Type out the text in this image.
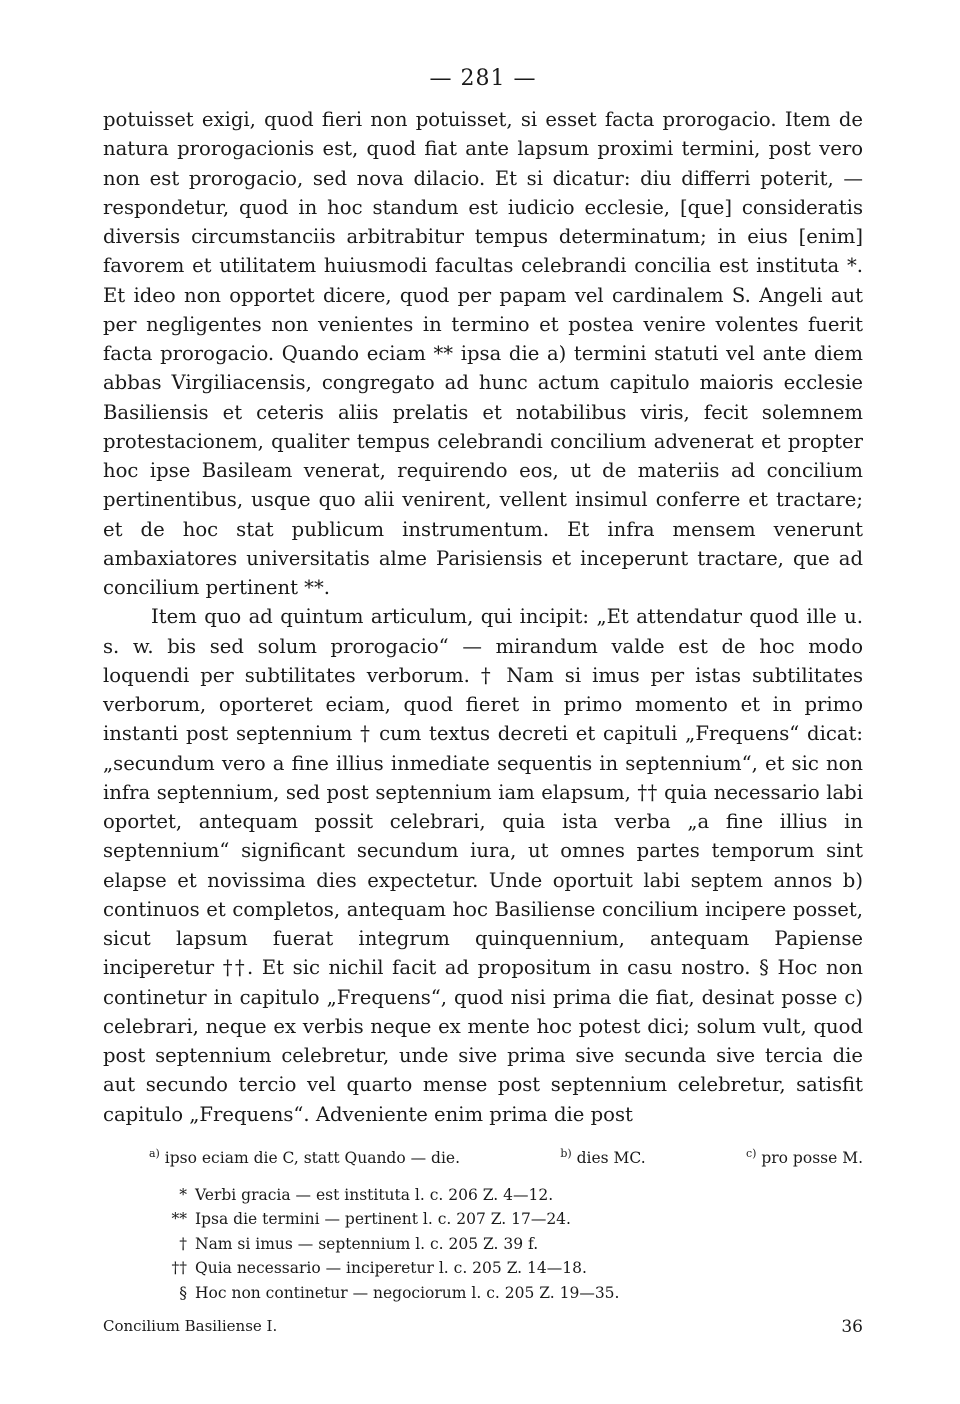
— 281 —

potuisset exigi, quod fieri non potuisset, si esset facta prorogacio. Item de natura prorogacionis est, quod fiat ante lapsum proximi termini, post vero non est prorogacio, sed nova dilacio. Et si dicatur: diu differri poterit, — respondetur, quod in hoc standum est iudicio ecclesie, [que] consideratis diversis circumstanciis arbitrabitur tempus determinatum; in eius [enim] favorem et utilitatem huiusmodi facultas celebrandi concilia est instituta *. Et ideo non opportet dicere, quod per papam vel cardinalem S. Angeli aut per negligentes non venientes in termino et postea venire volentes fuerit facta prorogacio. Quando eciam ** ipsa die a) termini statuti vel ante diem abbas Virgiliacensis, congregato ad hunc actum capitulo maioris ecclesie Basiliensis et ceteris aliis prelatis et notabilibus viris, fecit solemnem protestacionem, qualiter tempus celebrandi concilium advenerat et propter hoc ipse Basileam venerat, requirendo eos, ut de materiis ad concilium pertinentibus, usque quo alii venirent, vellent insimul conferre et tractare; et de hoc stat publicum instrumentum. Et infra mensem venerunt ambaxiatores universitatis alme Parisiensis et inceperunt tractare, que ad concilium pertinent **.

Item quo ad quintum articulum, qui incipit: „Et attendatur quod ille u. s. w. bis sed solum prorogacio“ — mirandum valde est de hoc modo loquendi per subtilitates verborum. † Nam si imus per istas subtilitates verborum, oporteret eciam, quod fieret in primo momento et in primo instanti post septennium † cum textus decreti et capituli „Frequens“ dicat: „secundum vero a fine illius inmediate sequentis in septennium“, et sic non infra septennium, sed post septennium iam elapsum, †† quia necessario labi oportet, antequam possit celebrari, quia ista verba „a fine illius in septennium“ significant secundum iura, ut omnes partes temporum sint elapse et novissima dies expectetur. Unde oportuit labi septem annos b) continuos et completos, antequam hoc Basiliense concilium incipere posset, sicut lapsum fuerat integrum quinquennium, antequam Papiense inciperetur ††. Et sic nichil facit ad propositum in casu nostro. § Hoc non continetur in capitulo „Frequens“, quod nisi prima die fiat, desinat posse c) celebrari, neque ex verbis neque ex mente hoc potest dici; solum vult, quod post septennium celebretur, unde sive prima sive secunda sive tercia die aut secundo tercio vel quarto mense post septennium celebretur, satisfit capitulo „Frequens“. Adveniente enim prima die post

$^{a)}$ ipso eciam die C, statt Quando — die.	$^{b)}$ dies MC.	$^{c)}$ pro posse M.
* Verbi gracia — est instituta l. c. 206 Z. 4—12.
** Ipsa die termini — pertinent l. c. 207 Z. 17—24.
† Nam si imus — septennium l. c. 205 Z. 39 f.
†† Quia necessario — inciperetur l. c. 205 Z. 14—18.
§ Hoc non continetur — negociorum l. c. 205 Z. 19—35.
Concilium Basiliense I.	36
